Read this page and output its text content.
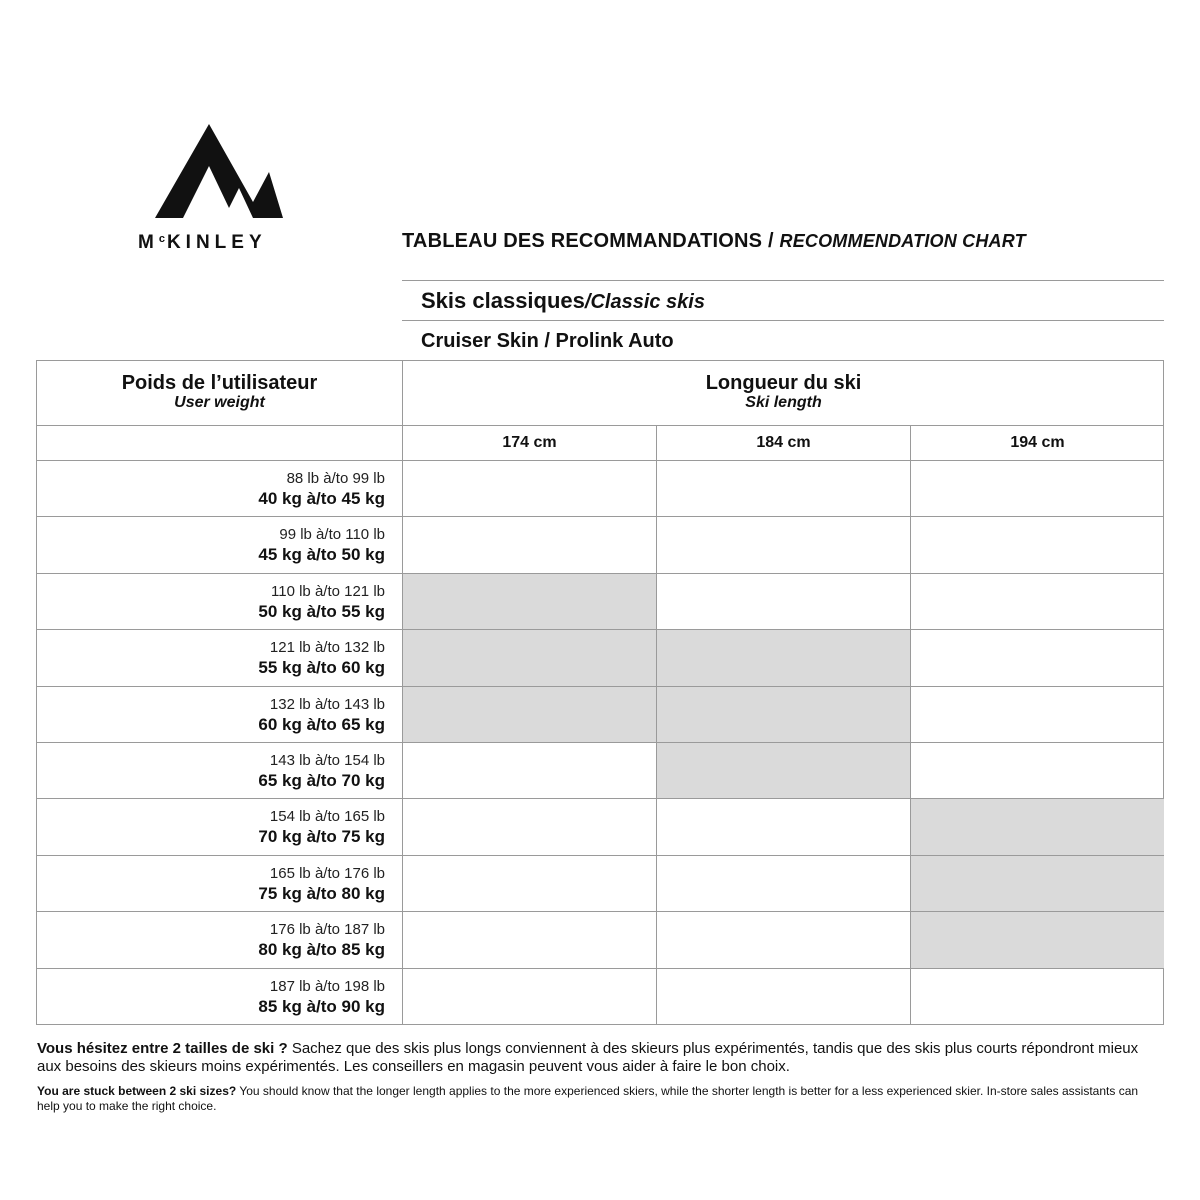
$M^c$ KINLEY	TABLEAU DES RECOMMANDATIONS / RECOMMENDATION CHART
Skis classiques/Classic skis
Cruiser Skin / Prolink Auto
Poids de l’utilisateur
User weight
Longueur du ski
Ski length
174 cm	184 cm	194 cm
88 lb à/to 99 lb
40 kg à/to 45 kg
99 lb à/to 110 lb
45 kg à/to 50 kg
110 lb à/to 121 lb
50 kg à/to 55 kg
121 lb à/to 132 lb
55 kg à/to 60 kg
132 lb à/to 143 lb
60 kg à/to 65 kg
143 lb à/to 154 lb
65 kg à/to 70 kg
154 lb à/to 165 lb
70 kg à/to 75 kg
165 lb à/to 176 lb
75 kg à/to 80 kg
176 lb à/to 187 lb
80 kg à/to 85 kg
187 lb à/to 198 lb
85 kg à/to 90 kg
Vous hésitez entre 2 tailles de ski ? Sachez que des skis plus longs conviennent à des skieurs plus expérimentés, tandis que des skis plus courts répondront mieux aux besoins des skieurs moins expérimentés. Les conseillers en magasin peuvent vous aider à faire le bon choix.
You are stuck between 2 ski sizes? You should know that the longer length applies to the more experienced skiers, while the shorter length is better for a less experienced skier. In-store sales assistants can help you to make the right choice.
